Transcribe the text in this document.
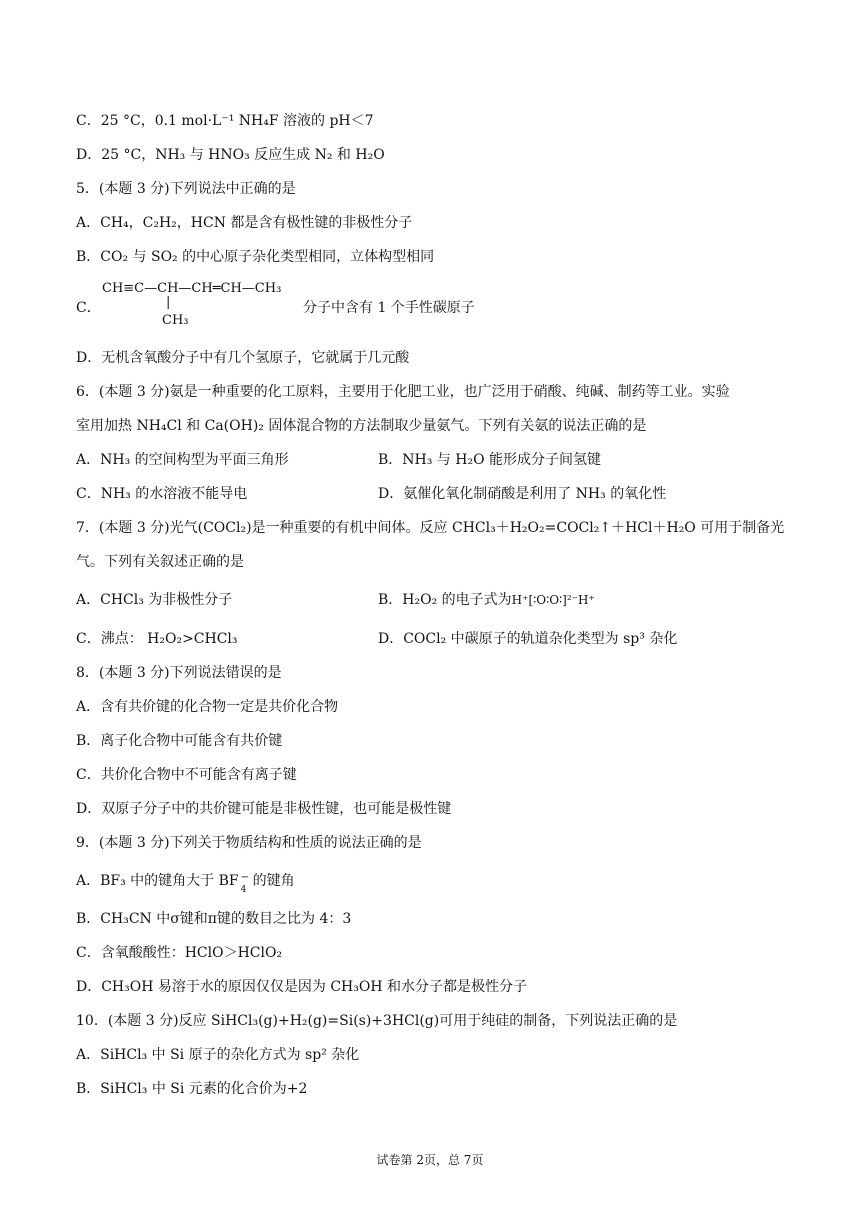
C．25 °C，0.1 mol·L⁻¹ NH₄F 溶液的 pH＜7
D．25 °C，NH₃ 与 HNO₃ 反应生成 N₂ 和 H₂O
5．(本题 3 分)下列说法中正确的是
A．CH₄，C₂H₂，HCN 都是含有极性键的非极性分子
B．CO₂ 与 SO₂ 的中心原子杂化类型相同，立体构型相同
C．
CH≡C—CH—CH═CH—CH₃
|
CH₃
分子中含有 1 个手性碳原子
D．无机含氧酸分子中有几个氢原子，它就属于几元酸
6．(本题 3 分)氨是一种重要的化工原料，主要用于化肥工业，也广泛用于硝酸、纯碱、制药等工业。实验
室用加热 NH₄Cl 和 Ca(OH)₂ 固体混合物的方法制取少量氨气。下列有关氨的说法正确的是
A．NH₃ 的空间构型为平面三角形	B．NH₃ 与 H₂O 能形成分子间氢键
C．NH₃ 的水溶液不能导电	D．氨催化氧化制硝酸是利用了 NH₃ 的氧化性
7．(本题 3 分)光气(COCl₂)是一种重要的有机中间体。反应 CHCl₃＋H₂O₂=COCl₂↑＋HCl＋H₂O 可用于制备光
气。下列有关叙述正确的是
A．CHCl₃ 为非极性分子	B．H₂O₂ 的电子式为H⁺[∶O∶O∶]²⁻H⁺
C．沸点： H₂O₂>CHCl₃	D．COCl₂ 中碳原子的轨道杂化类型为 sp³ 杂化
8．(本题 3 分)下列说法错误的是
A．含有共价键的化合物一定是共价化合物
B．离子化合物中可能含有共价键
C．共价化合物中不可能含有离子键
D．双原子分子中的共价键可能是非极性键，也可能是极性键
9．(本题 3 分)下列关于物质结构和性质的说法正确的是
A．BF₃ 中的键角大于 BF −
4
的键角
B．CH₃CN 中σ键和π键的数目之比为 4：3
C．含氧酸酸性：HClO＞HClO₂
D．CH₃OH 易溶于水的原因仅仅是因为 CH₃OH 和水分子都是极性分子
10．(本题 3 分)反应 SiHCl₃(g)+H₂(g)=Si(s)+3HCl(g)可用于纯硅的制备，下列说法正确的是
A．SiHCl₃ 中 Si 原子的杂化方式为 sp² 杂化
B．SiHCl₃ 中 Si 元素的化合价为+2
试卷第 2页，总 7页
